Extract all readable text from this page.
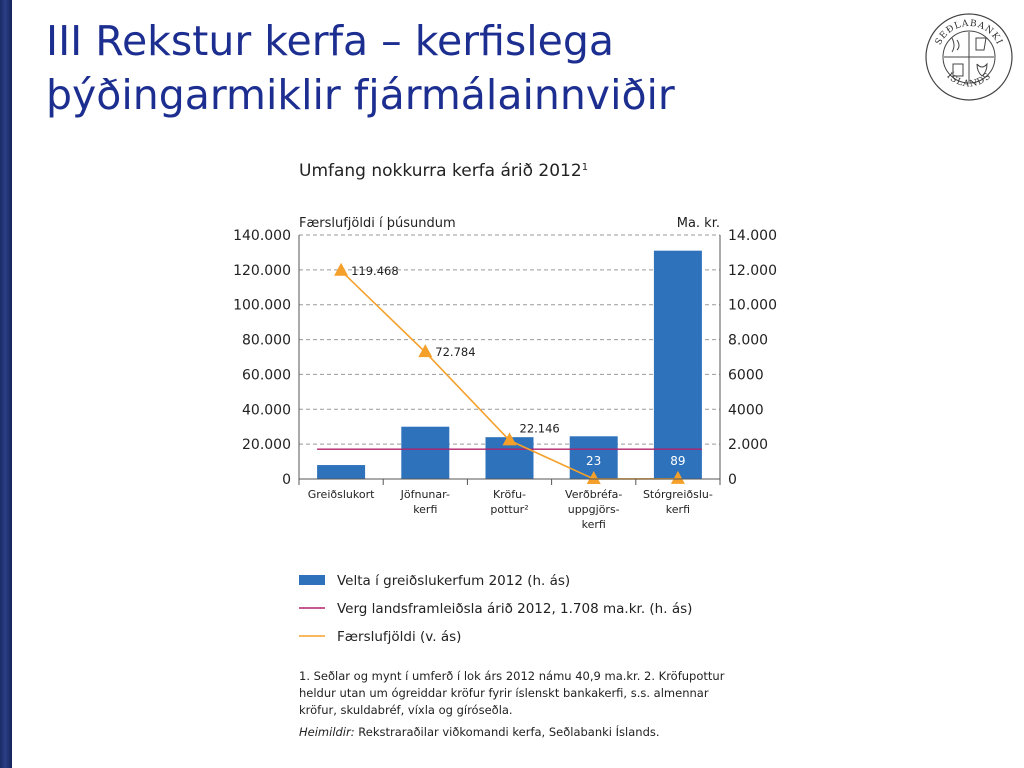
III Rekstur kerfa – kerfislega
þýðingarmiklir fjármálainnviðir
SEÐLABANKI
ÍSLANDS
Umfang nokkurra kerfa árið 2012$^1$
Færslufjöldi í þúsundum	Ma. kr.
140.000	14.000
120.000	12.000
100.000	10.000
80.000	8.000
60.000	6000
40.000	4000
20.000	2.000
0	0
Greiðslukort Jöfnunar-kerfi
Kröfu-pottur²
Verðbréfa-uppgjörs-kerfi
Stórgreiðslu-kerfi
119.468
72.784
22.146
23	89
Velta í greiðslukerfum 2012 (h. ás)
Verg landsframleiðsla árið 2012, 1.708 ma.kr. (h. ás)
Færslufjöldi (v. ás)
1. Seðlar og mynt í umferð í lok árs 2012 námu 40,9 ma.kr. 2. Kröfupottur
heldur utan um ógreiddar kröfur fyrir íslenskt bankakerfi, s.s. almennar
kröfur, skuldabréf, víxla og gíróseðla.
Heimildir: Rekstraraðilar viðkomandi kerfa, Seðlabanki Íslands.
